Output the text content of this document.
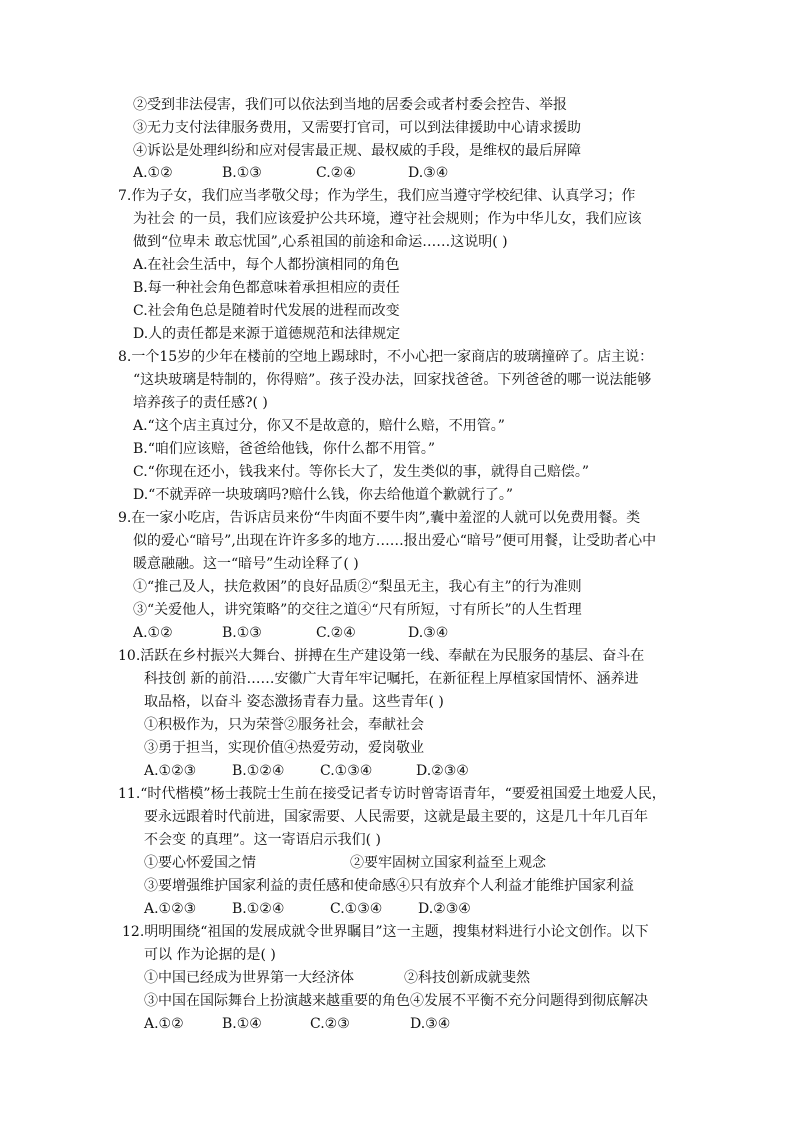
②受到非法侵害，我们可以依法到当地的居委会或者村委会控告、举报
③无力支付法律服务费用，又需要打官司，可以到法律援助中心请求援助
④诉讼是处理纠纷和应对侵害最正规、最权威的手段，是维权的最后屏障
A.①②	B.①③	C.②④	D.③④
7.作为子女，我们应当孝敬父母；作为学生，我们应当遵守学校纪律、认真学习；作
为社会 的一员，我们应该爱护公共环境，遵守社会规则；作为中华儿女，我们应该
做到“位卑未 敢忘忧国”,心系祖国的前途和命运……这说明( )
A.在社会生活中，每个人都扮演相同的角色
B.每一种社会角色都意味着承担相应的责任
C.社会角色总是随着时代发展的进程而改变
D.人的责任都是来源于道德规范和法律规定
8.一个15岁的少年在楼前的空地上踢球时，不小心把一家商店的玻璃撞碎了。店主说：
“这块玻璃是特制的，你得赔”。孩子没办法，回家找爸爸。下列爸爸的哪一说法能够
培养孩子的责任感?( )
A.“这个店主真过分，你又不是故意的，赔什么赔，不用管。”
B.“咱们应该赔，爸爸给他钱，你什么都不用管。”
C.“你现在还小，钱我来付。等你长大了，发生类似的事，就得自己赔偿。”
D.“不就弄碎一块玻璃吗?赔什么钱，你去给他道个歉就行了。”
9.在一家小吃店，告诉店员来份“牛肉面不要牛肉”,囊中羞涩的人就可以免费用餐。类
似的爱心“暗号”,出现在许许多多的地方……报出爱心“暗号”便可用餐，让受助者心中
暖意融融。这一“暗号”生动诠释了( )
①“推己及人，扶危救困”的良好品质②“梨虽无主，我心有主”的行为准则
③“关爱他人，讲究策略”的交往之道④“尺有所短，寸有所长”的人生哲理
A.①②	B.①③	C.②④	D.③④
10.活跃在乡村振兴大舞台、拼搏在生产建设第一线、奉献在为民服务的基层、奋斗在
科技创 新的前沿……安徽广大青年牢记嘱托，在新征程上厚植家国情怀、涵养进
取品格，以奋斗 姿态激扬青春力量。这些青年( )
①积极作为，只为荣誉②服务社会，奉献社会
③勇于担当，实现价值④热爱劳动，爱岗敬业
A.①②③	B.①②④	C.①③④	D.②③④
11.“时代楷模”杨士莪院士生前在接受记者专访时曾寄语青年，“要爱祖国爱土地爱人民，
要永远跟着时代前进，国家需要、人民需要，这就是最主要的，这是几十年几百年
不会变 的真理”。这一寄语启示我们( )
①要心怀爱国之情	②要牢固树立国家利益至上观念
③要增强维护国家利益的责任感和使命感④只有放弃个人利益才能维护国家利益
A.①②③	B.①②④	C.①③④	D.②③④
12.明明围绕“祖国的发展成就令世界瞩目”这一主题，搜集材料进行小论文创作。以下
可以 作为论据的是( )
①中国已经成为世界第一大经济体	②科技创新成就斐然
③中国在国际舞台上扮演越来越重要的角色④发展不平衡不充分问题得到彻底解决
A.①②	B.①④	C.②③	D.③④
